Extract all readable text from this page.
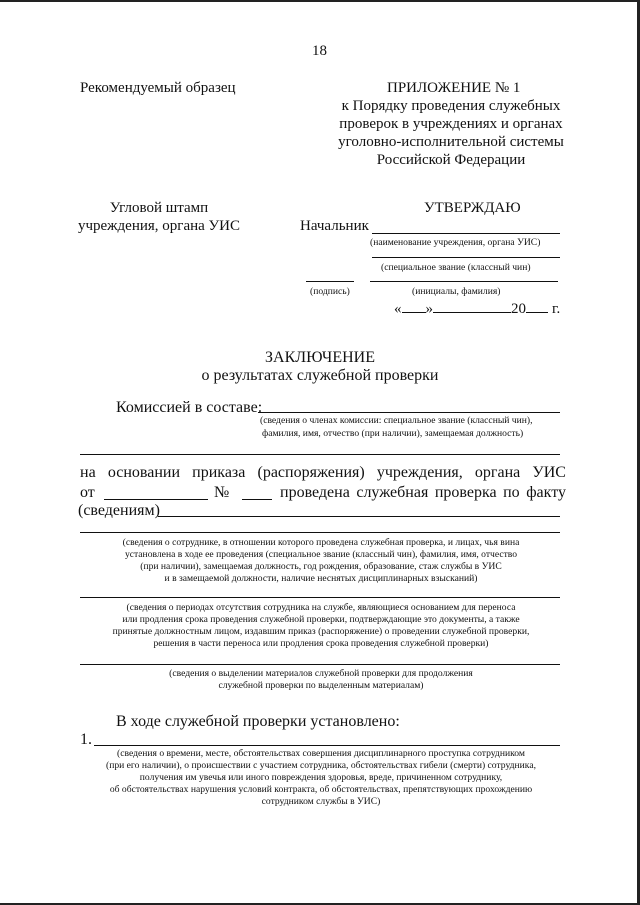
18
Рекомендуемый образец	ПРИЛОЖЕНИЕ № 1
к Порядку проведения служебных
проверок в учреждениях и органах
уголовно-исполнительной системы
Российской Федерации
Угловой штамп
учреждения, органа УИС
УТВЕРЖДАЮ
Начальник
(наименование учреждения, органа УИС)
(специальное звание (классный чин)
(подпись)	(инициалы, фамилия)
« »	20 г.
ЗАКЛЮЧЕНИЕ
о результатах служебной проверки
Комиссией в составе:
(сведения о членах комиссии: специальное звание (классный чин),
фамилия, имя, отчество (при наличии), замещаемая должность)
на основании приказа (распоряжения) учреждения, органа УИС
от	№	проведена служебная проверка по факту
(сведениям)
(сведения о сотруднике, в отношении которого проведена служебная проверка, и лицах, чья вина
установлена в ходе ее проведения (специальное звание (классный чин), фамилия, имя, отчество
(при наличии), замещаемая должность, год рождения, образование, стаж службы в УИС
и в замещаемой должности, наличие неснятых дисциплинарных взысканий)
(сведения о периодах отсутствия сотрудника на службе, являющиеся основанием для переноса
или продления срока проведения служебной проверки, подтверждающие это документы, а также
принятые должностным лицом, издавшим приказ (распоряжение) о проведении служебной проверки,
решения в части переноса или продления срока проведения служебной проверки)
(сведения о выделении материалов служебной проверки для продолжения
служебной проверки по выделенным материалам)
В ходе служебной проверки установлено:
1.
(сведения о времени, месте, обстоятельствах совершения дисциплинарного проступка сотрудником
(при его наличии), о происшествии с участием сотрудника, обстоятельствах гибели (смерти) сотрудника,
получения им увечья или иного повреждения здоровья, вреде, причиненном сотруднику,
об обстоятельствах нарушения условий контракта, об обстоятельствах, препятствующих прохождению
сотрудником службы в УИС)
